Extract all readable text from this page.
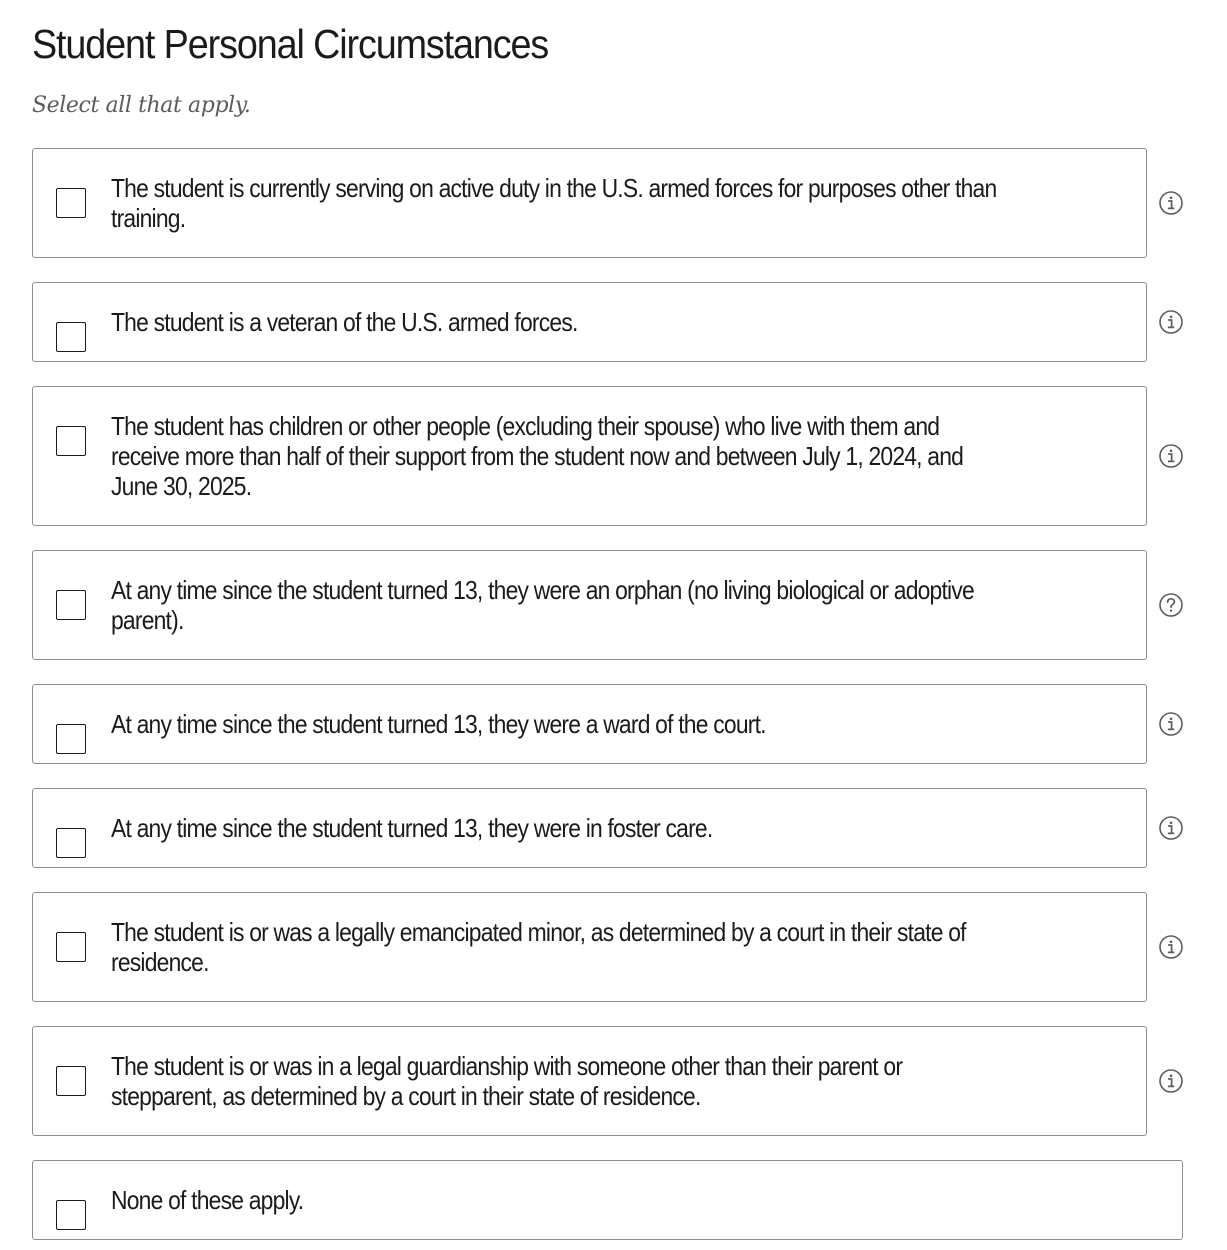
Student Personal Circumstances

Select all that apply.

The student is currently serving on active duty in the U.S. armed forces for purposes other than
training.
The student is a veteran of the U.S. armed forces.
The student has children or other people (excluding their spouse) who live with them and
receive more than half of their support from the student now and between July 1, 2024, and
June 30, 2025.
At any time since the student turned 13, they were an orphan (no living biological or adoptive
parent).
At any time since the student turned 13, they were a ward of the court.
At any time since the student turned 13, they were in foster care.
The student is or was a legally emancipated minor, as determined by a court in their state of
residence.
The student is or was in a legal guardianship with someone other than their parent or
stepparent, as determined by a court in their state of residence.
None of these apply.
